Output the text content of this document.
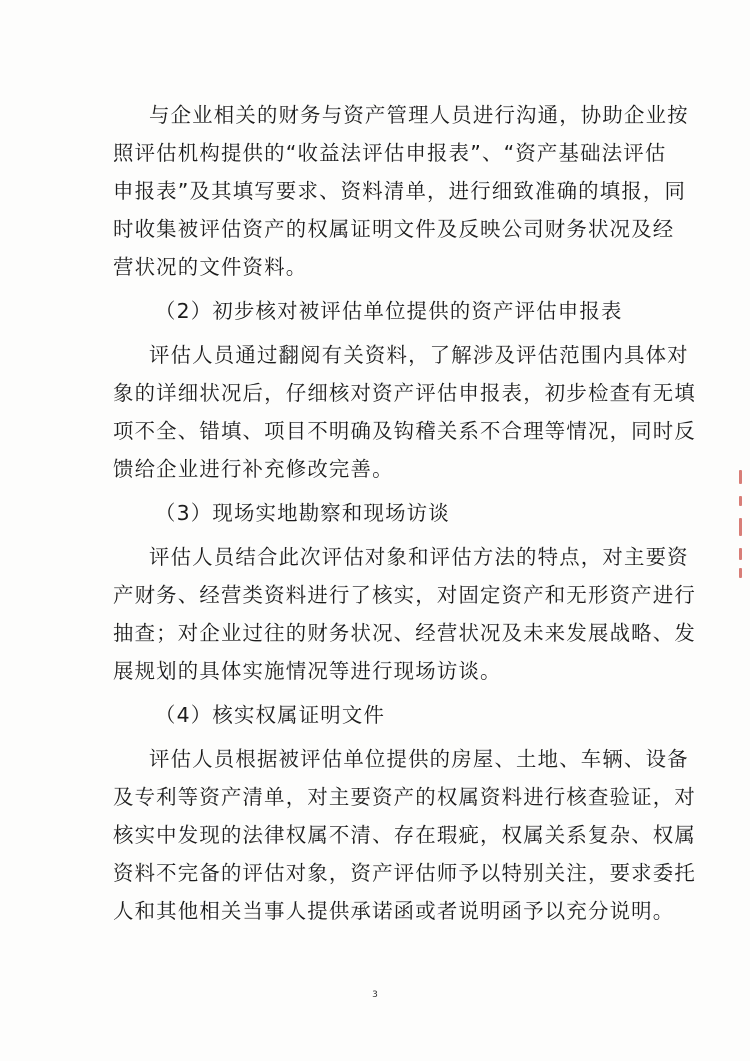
与企业相关的财务与资产管理人员进行沟通，协助企业按
照评估机构提供的“收益法评估申报表”、“资产基础法评估
申报表”及其填写要求、资料清单，进行细致准确的填报，同
时收集被评估资产的权属证明文件及反映公司财务状况及经
营状况的文件资料。
（2）初步核对被评估单位提供的资产评估申报表
评估人员通过翻阅有关资料，了解涉及评估范围内具体对
象的详细状况后，仔细核对资产评估申报表，初步检查有无填
项不全、错填、项目不明确及钩稽关系不合理等情况，同时反
馈给企业进行补充修改完善。
（3）现场实地勘察和现场访谈
评估人员结合此次评估对象和评估方法的特点，对主要资
产财务、经营类资料进行了核实，对固定资产和无形资产进行
抽查；对企业过往的财务状况、经营状况及未来发展战略、发
展规划的具体实施情况等进行现场访谈。
（4）核实权属证明文件
评估人员根据被评估单位提供的房屋、土地、车辆、设备
及专利等资产清单，对主要资产的权属资料进行核查验证，对
核实中发现的法律权属不清、存在瑕疵，权属关系复杂、权属
资料不完备的评估对象，资产评估师予以特别关注，要求委托
人和其他相关当事人提供承诺函或者说明函予以充分说明。
3
